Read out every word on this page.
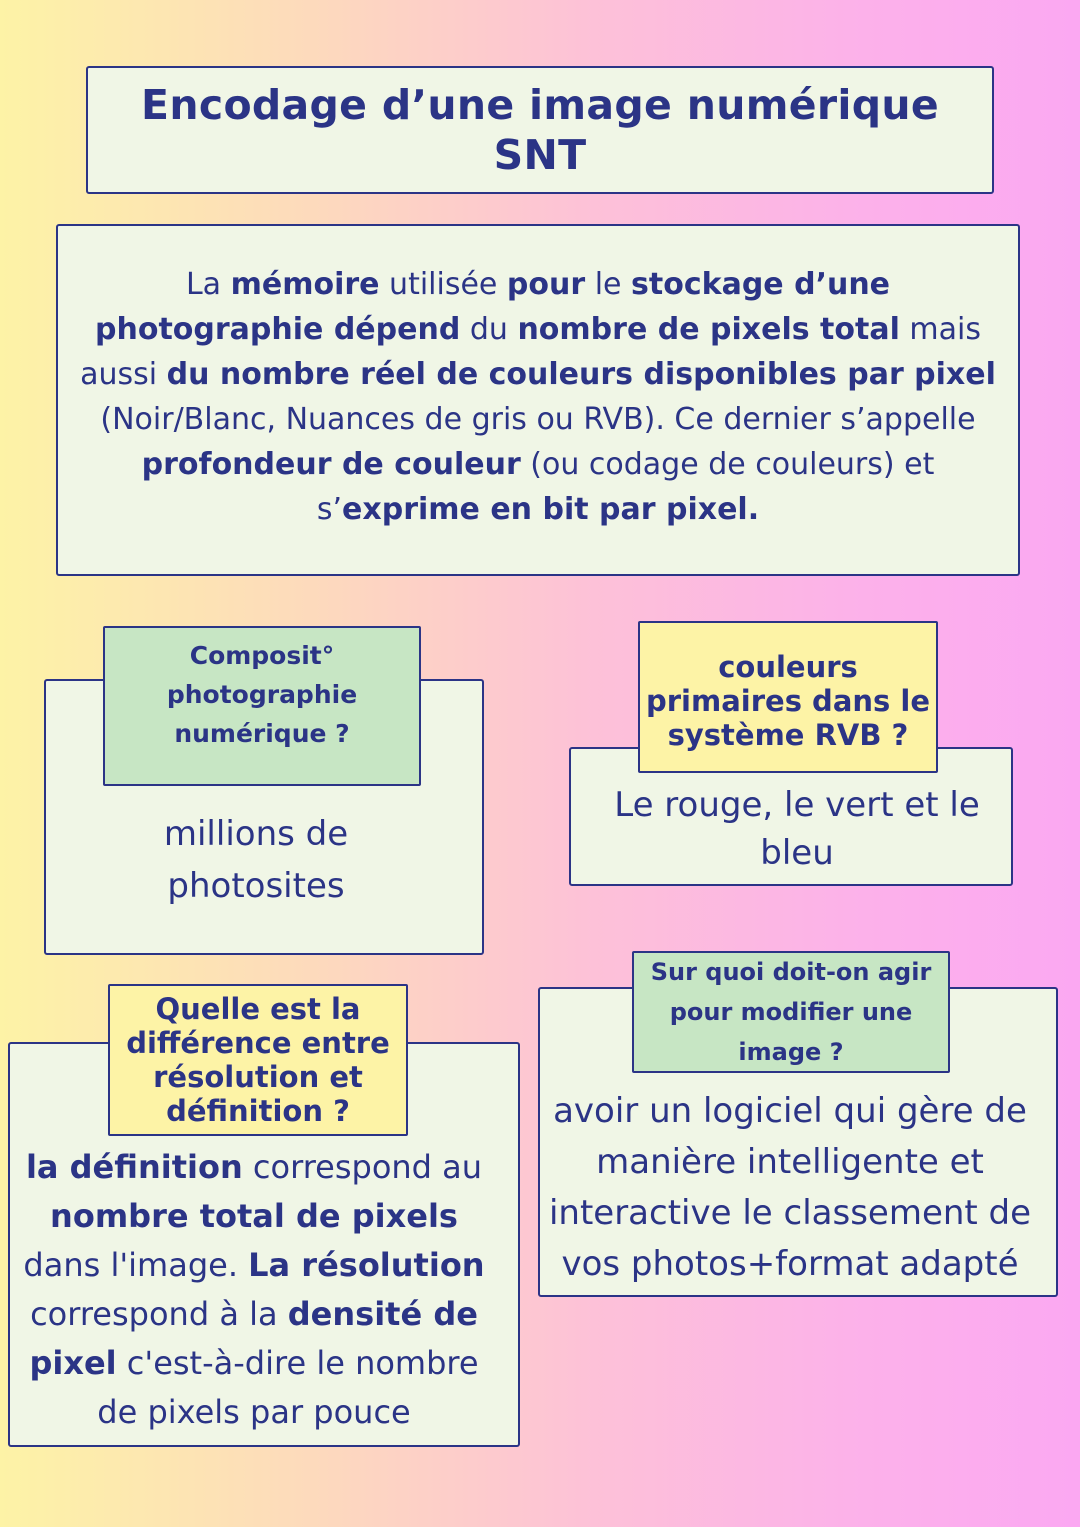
Encodage d’une image numérique
SNT
La mémoire utilisée pour le stockage d’une photographie dépend du nombre de pixels total mais aussi du nombre réel de couleurs disponibles par pixel (Noir/Blanc, Nuances de gris ou RVB). Ce dernier s’appelle profondeur de couleur (ou codage de couleurs) et s’exprime en bit par pixel.
Composit°
photographie
numérique ?
millions de
photosites
couleurs
primaires dans le
système RVB ?
Le rouge, le vert et le
bleu
Quelle est la
différence entre
résolution et
définition ?
la définition correspond au nombre total de pixels dans l'image. La résolution correspond à la densité de pixel c'est-à-dire le nombre de pixels par pouce
Sur quoi doit-on agir
pour modifier une
image ?
avoir un logiciel qui gère de
manière intelligente et
interactive le classement de
vos photos+format adapté
